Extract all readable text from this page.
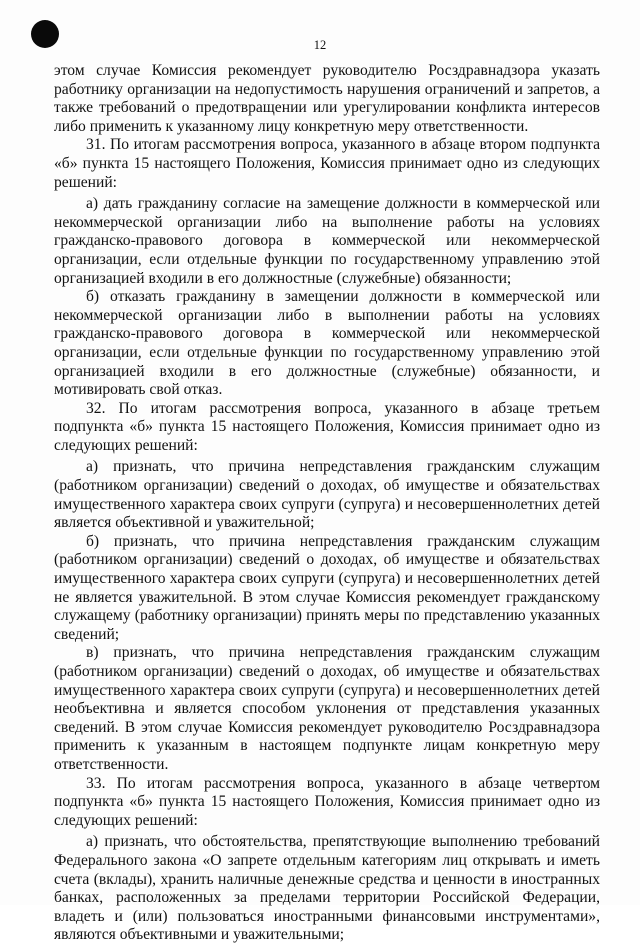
12

этом случае Комиссия рекомендует руководителю Росздравнадзора указать работнику организации на недопустимость нарушения ограничений и запретов, а также требований о предотвращении или урегулировании конфликта интересов либо применить к указанному лицу конкретную меру ответственности.

31. По итогам рассмотрения вопроса, указанного в абзаце втором подпункта «б» пункта 15 настоящего Положения, Комиссия принимает одно из следующих решений:

а) дать гражданину согласие на замещение должности в коммерческой или некоммерческой организации либо на выполнение работы на условиях гражданско-правового договора в коммерческой или некоммерческой организации, если отдельные функции по государственному управлению этой организацией входили в его должностные (служебные) обязанности;

б) отказать гражданину в замещении должности в коммерческой или некоммерческой организации либо в выполнении работы на условиях гражданско-правового договора в коммерческой или некоммерческой организации, если отдельные функции по государственному управлению этой организацией входили в его должностные (служебные) обязанности, и мотивировать свой отказ.

32. По итогам рассмотрения вопроса, указанного в абзаце третьем подпункта «б» пункта 15 настоящего Положения, Комиссия принимает одно из следующих решений:

а) признать, что причина непредставления гражданским служащим (работником организации) сведений о доходах, об имуществе и обязательствах имущественного характера своих супруги (супруга) и несовершеннолетних детей является объективной и уважительной;

б) признать, что причина непредставления гражданским служащим (работником организации) сведений о доходах, об имуществе и обязательствах имущественного характера своих супруги (супруга) и несовершеннолетних детей не является уважительной. В этом случае Комиссия рекомендует гражданскому служащему (работнику организации) принять меры по представлению указанных сведений;

в) признать, что причина непредставления гражданским служащим (работником организации) сведений о доходах, об имуществе и обязательствах имущественного характера своих супруги (супруга) и несовершеннолетних детей необъективна и является способом уклонения от представления указанных сведений. В этом случае Комиссия рекомендует руководителю Росздравнадзора применить к указанным в настоящем подпункте лицам конкретную меру ответственности.

33. По итогам рассмотрения вопроса, указанного в абзаце четвертом подпункта «б» пункта 15 настоящего Положения, Комиссия принимает одно из следующих решений:

а) признать, что обстоятельства, препятствующие выполнению требований Федерального закона «О запрете отдельным категориям лиц открывать и иметь счета (вклады), хранить наличные денежные средства и ценности в иностранных банках, расположенных за пределами территории Российской Федерации, владеть и (или) пользоваться иностранными финансовыми инструментами», являются объективными и уважительными;
